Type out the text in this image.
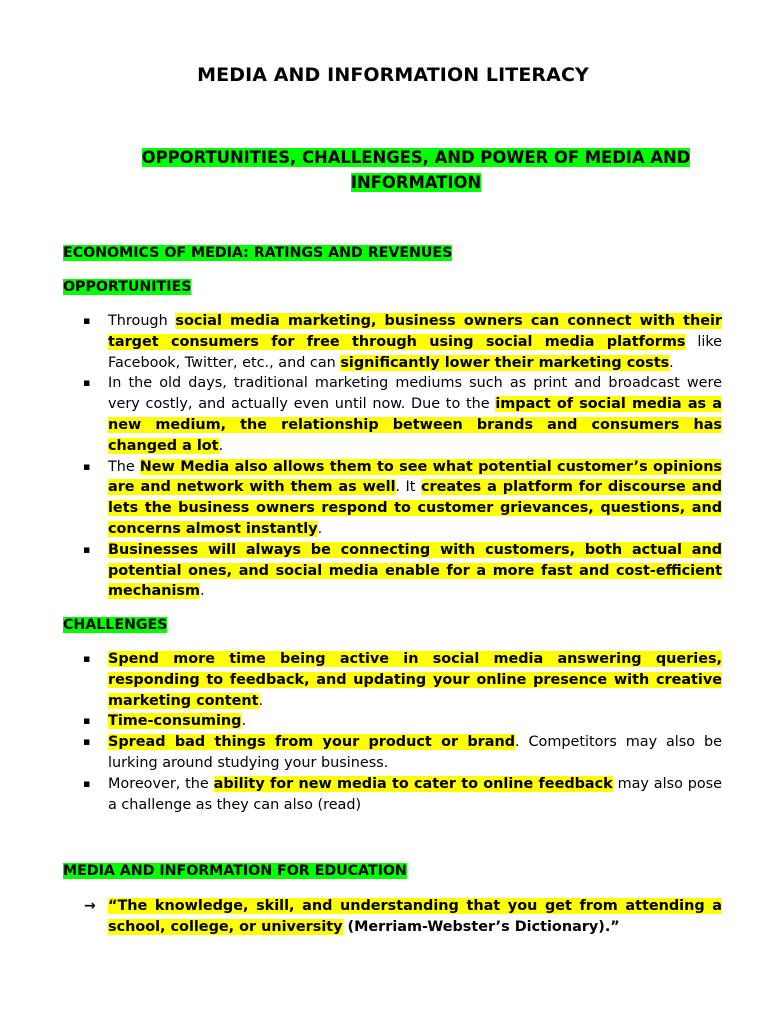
MEDIA AND INFORMATION LITERACY
OPPORTUNITIES, CHALLENGES, AND POWER OF MEDIA AND
INFORMATION
ECONOMICS OF MEDIA: RATINGS AND REVENUES
OPPORTUNITIES
▪ Through social media marketing, business owners can connect with their target consumers for free through using social media platforms like Facebook, Twitter, etc., and can significantly lower their marketing costs.
▪ In the old days, traditional marketing mediums such as print and broadcast were very costly, and actually even until now. Due to the impact of social media as a new medium, the relationship between brands and consumers has changed a lot.
▪ The New Media also allows them to see what potential customer’s opinions are and network with them as well. It creates a platform for discourse and lets the business owners respond to customer grievances, questions, and concerns almost instantly.
▪ Businesses will always be connecting with customers, both actual and potential ones, and social media enable for a more fast and cost-efficient mechanism.
CHALLENGES
▪ Spend more time being active in social media answering queries, responding to feedback, and updating your online presence with creative marketing content.
▪ Time-consuming.
▪ Spread bad things from your product or brand. Competitors may also be lurking around studying your business.
▪ Moreover, the ability for new media to cater to online feedback may also pose a challenge as they can also (read)
MEDIA AND INFORMATION FOR EDUCATION
→ “The knowledge, skill, and understanding that you get from attending a school, college, or university (Merriam-Webster’s Dictionary).”
